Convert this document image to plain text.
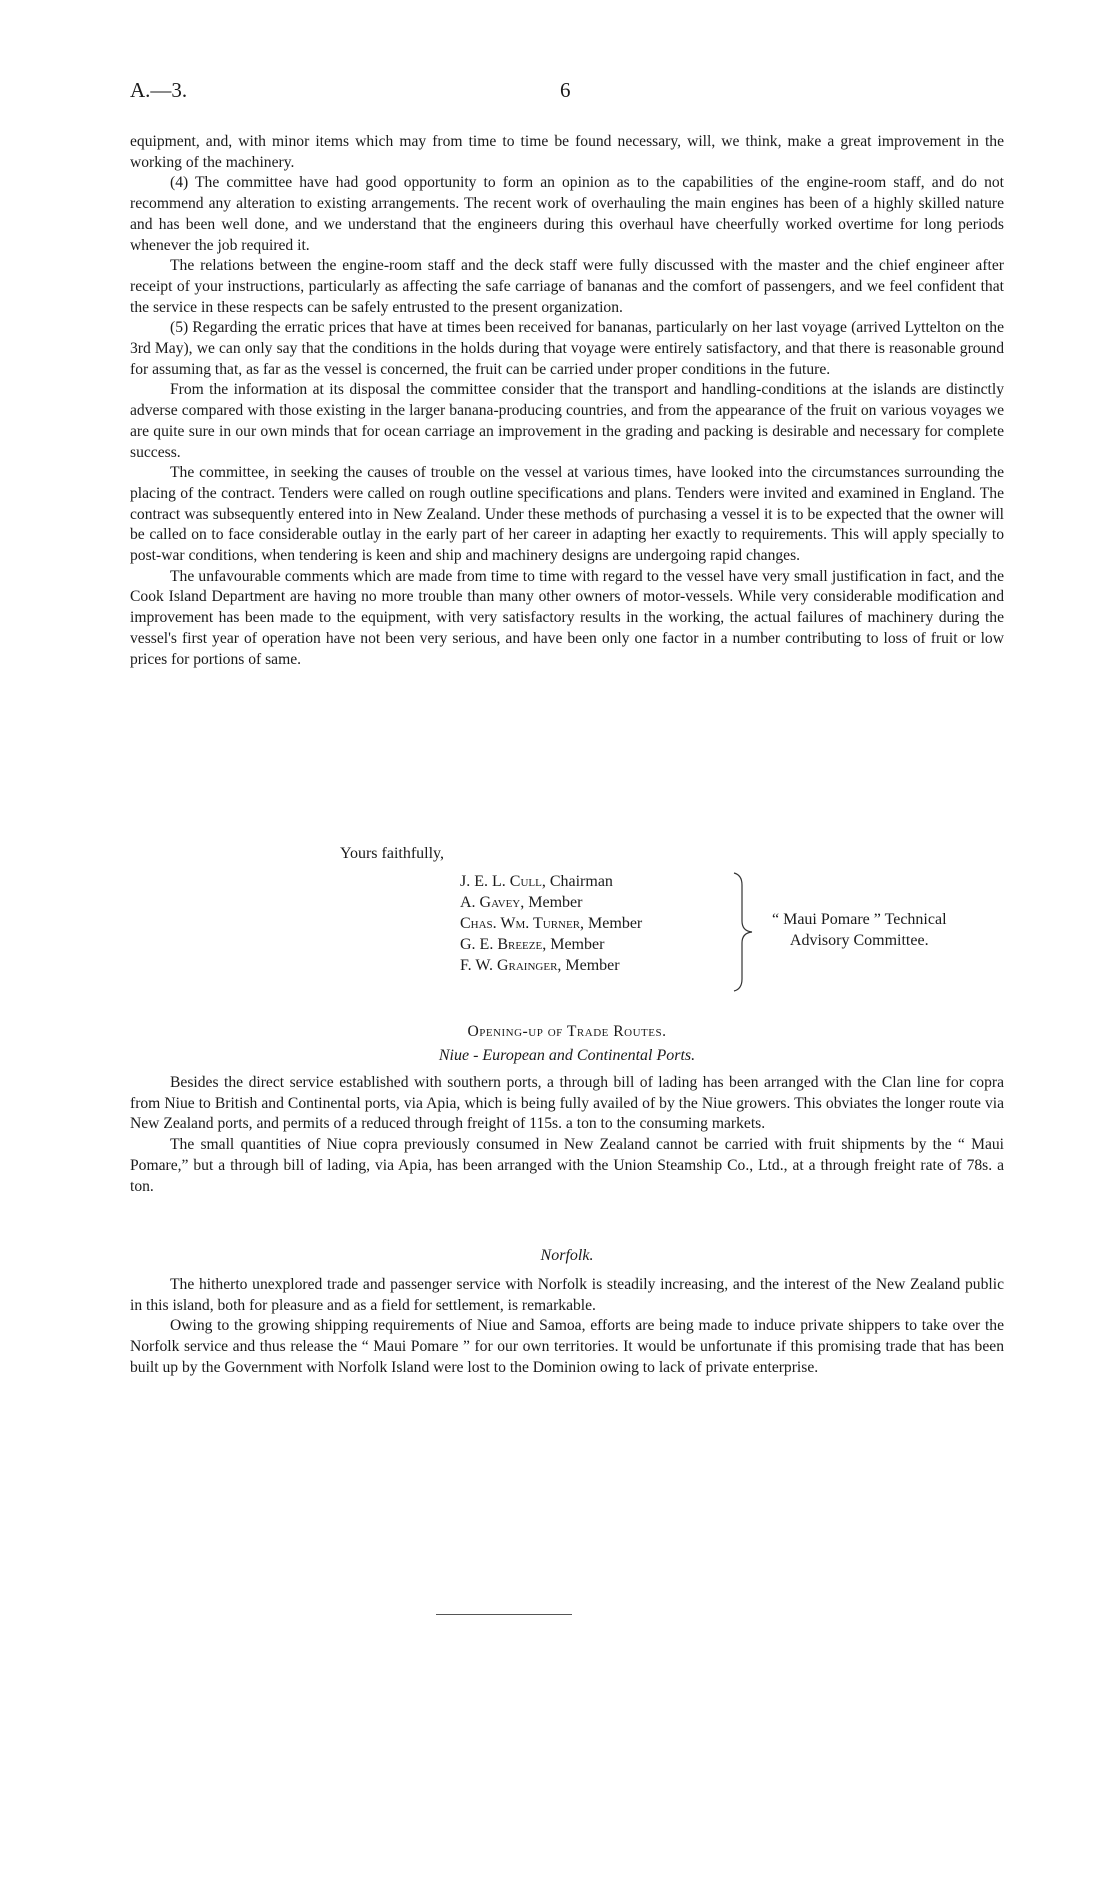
A.—3.	6

equipment, and, with minor items which may from time to time be found necessary, will, we think, make a great improvement in the working of the machinery.

(4) The committee have had good opportunity to form an opinion as to the capabilities of the engine-room staff, and do not recommend any alteration to existing arrangements. The recent work of overhauling the main engines has been of a highly skilled nature and has been well done, and we understand that the engineers during this overhaul have cheerfully worked overtime for long periods whenever the job required it.

The relations between the engine-room staff and the deck staff were fully discussed with the master and the chief engineer after receipt of your instructions, particularly as affecting the safe carriage of bananas and the comfort of passengers, and we feel confident that the service in these respects can be safely entrusted to the present organization.

(5) Regarding the erratic prices that have at times been received for bananas, particularly on her last voyage (arrived Lyttelton on the 3rd May), we can only say that the conditions in the holds during that voyage were entirely satisfactory, and that there is reasonable ground for assuming that, as far as the vessel is concerned, the fruit can be carried under proper conditions in the future.

From the information at its disposal the committee consider that the transport and handling-conditions at the islands are distinctly adverse compared with those existing in the larger banana-producing countries, and from the appearance of the fruit on various voyages we are quite sure in our own minds that for ocean carriage an improvement in the grading and packing is desirable and necessary for complete success.

The committee, in seeking the causes of trouble on the vessel at various times, have looked into the circumstances surrounding the placing of the contract. Tenders were called on rough outline specifications and plans. Tenders were invited and examined in England. The contract was subsequently entered into in New Zealand. Under these methods of purchasing a vessel it is to be expected that the owner will be called on to face considerable outlay in the early part of her career in adapting her exactly to requirements. This will apply specially to post-war conditions, when tendering is keen and ship and machinery designs are undergoing rapid changes.

The unfavourable comments which are made from time to time with regard to the vessel have very small justification in fact, and the Cook Island Department are having no more trouble than many other owners of motor-vessels. While very considerable modification and improvement has been made to the equipment, with very satisfactory results in the working, the actual failures of machinery during the vessel's first year of operation have not been very serious, and have been only one factor in a number contributing to loss of fruit or low prices for portions of same.

Yours faithfully,
J. E. L. Cull, Chairman
A. Gavey, Member
Chas. Wm. Turner, Member
G. E. Breeze, Member
F. W. Grainger, Member
“ Maui Pomare ” Technical
Advisory Committee.
Opening-up of Trade Routes.
Niue - European and Continental Ports.

Besides the direct service established with southern ports, a through bill of lading has been arranged with the Clan line for copra from Niue to British and Continental ports, via Apia, which is being fully availed of by the Niue growers. This obviates the longer route via New Zealand ports, and permits of a reduced through freight of 115s. a ton to the consuming markets.

The small quantities of Niue copra previously consumed in New Zealand cannot be carried with fruit shipments by the “ Maui Pomare,” but a through bill of lading, via Apia, has been arranged with the Union Steamship Co., Ltd., at a through freight rate of 78s. a ton.

Norfolk.

The hitherto unexplored trade and passenger service with Norfolk is steadily increasing, and the interest of the New Zealand public in this island, both for pleasure and as a field for settlement, is remarkable.

Owing to the growing shipping requirements of Niue and Samoa, efforts are being made to induce private shippers to take over the Norfolk service and thus release the “ Maui Pomare ” for our own territories. It would be unfortunate if this promising trade that has been built up by the Government with Norfolk Island were lost to the Dominion owing to lack of private enterprise.
